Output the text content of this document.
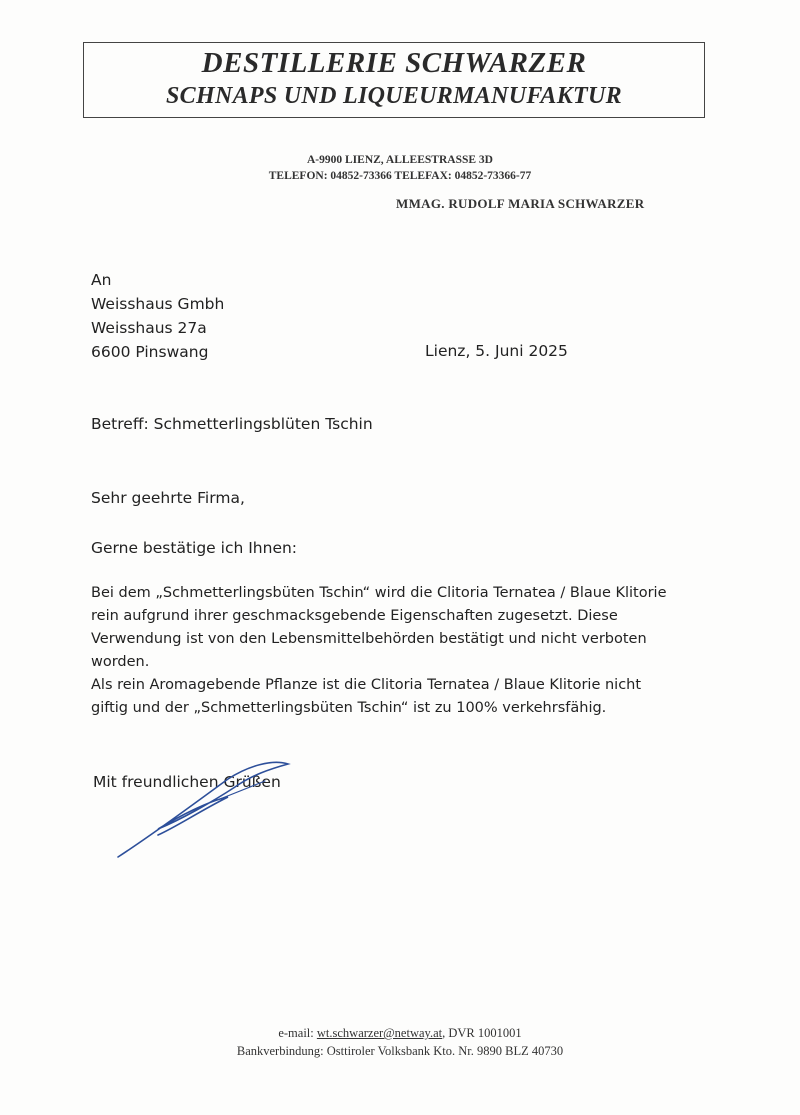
DESTILLERIE SCHWARZER
SCHNAPS UND LIQUEURMANUFAKTUR
A-9900 LIENZ, ALLEESTRASSE 3D
TELEFON: 04852-73366 TELEFAX: 04852-73366-77
MMAG. RUDOLF MARIA SCHWARZER
An
Weisshaus Gmbh
Weisshaus 27a
6600 Pinswang	Lienz, 5. Juni 2025
Betreff: Schmetterlingsblüten Tschin
Sehr geehrte Firma,
Gerne bestätige ich Ihnen:
Bei dem „Schmetterlingsbüten Tschin“ wird die Clitoria Ternatea / Blaue Klitorie
rein aufgrund ihrer geschmacksgebende Eigenschaften zugesetzt. Diese
Verwendung ist von den Lebensmittelbehörden bestätigt und nicht verboten
worden.
Als rein Aromagebende Pflanze ist die Clitoria Ternatea / Blaue Klitorie nicht
giftig und der „Schmetterlingsbüten Tschin“ ist zu 100% verkehrsfähig.
Mit freundlichen Grüßen
e-mail: wt.schwarzer@netway.at, DVR 1001001
Bankverbindung: Osttiroler Volksbank Kto. Nr. 9890 BLZ 40730
